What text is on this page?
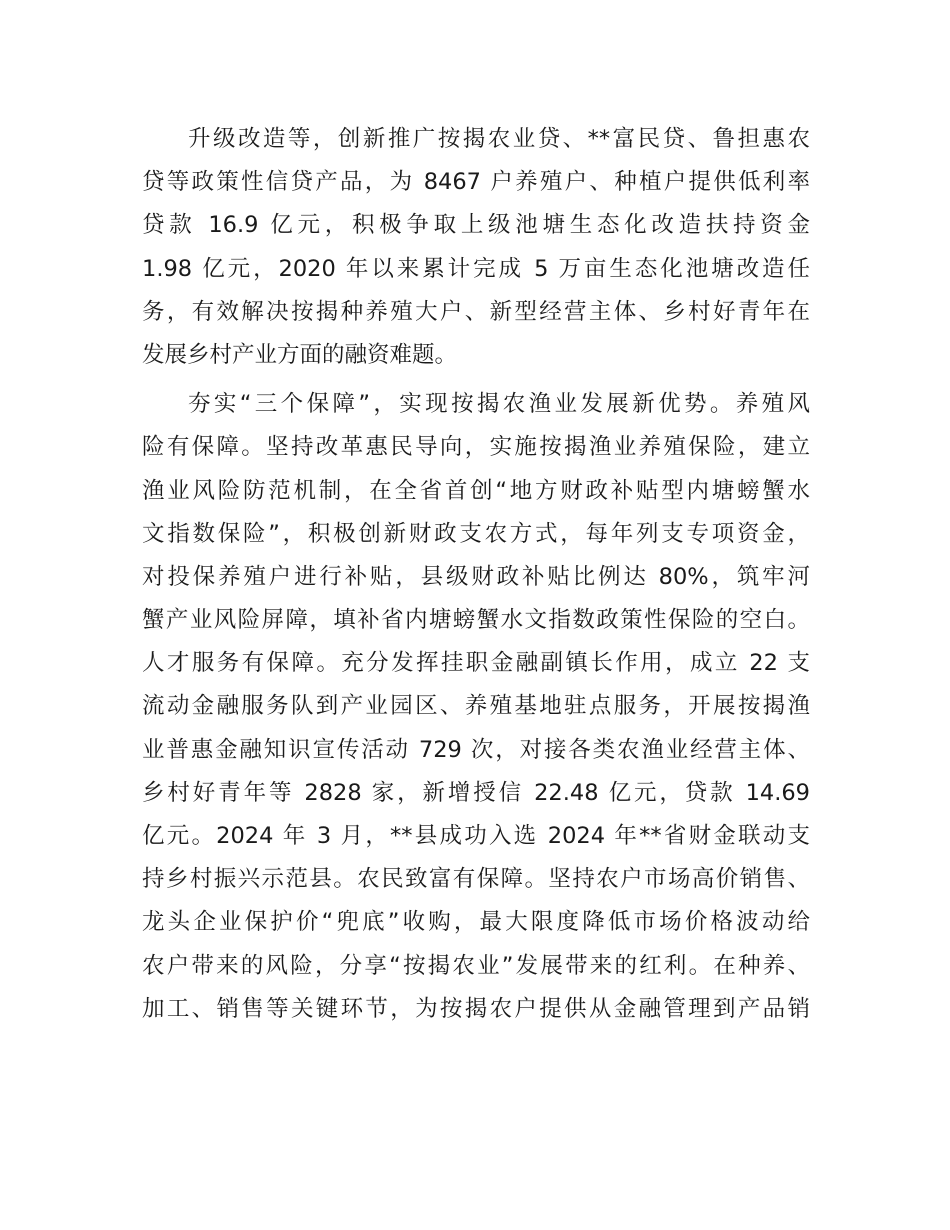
升级改造等，创新推广按揭农业贷、**富民贷、鲁担惠农
贷等政策性信贷产品，为 8467 户养殖户、种植户提供低利率
贷款 16.9 亿元，积极争取上级池塘生态化改造扶持资金
1.98 亿元，2020 年以来累计完成 5 万亩生态化池塘改造任
务，有效解决按揭种养殖大户、新型经营主体、乡村好青年在
发展乡村产业方面的融资难题。
夯实“三个保障”，实现按揭农渔业发展新优势。养殖风
险有保障。坚持改革惠民导向，实施按揭渔业养殖保险，建立
渔业风险防范机制，在全省首创“地方财政补贴型内塘螃蟹水
文指数保险”，积极创新财政支农方式，每年列支专项资金，
对投保养殖户进行补贴，县级财政补贴比例达 80%，筑牢河
蟹产业风险屏障，填补省内塘螃蟹水文指数政策性保险的空白。
人才服务有保障。充分发挥挂职金融副镇长作用，成立 22 支
流动金融服务队到产业园区、养殖基地驻点服务，开展按揭渔
业普惠金融知识宣传活动 729 次，对接各类农渔业经营主体、
乡村好青年等 2828 家，新增授信 22.48 亿元，贷款 14.69
亿元。2024 年 3 月，**县成功入选 2024 年**省财金联动支
持乡村振兴示范县。农民致富有保障。坚持农户市场高价销售、
龙头企业保护价“兜底”收购，最大限度降低市场价格波动给
农户带来的风险，分享“按揭农业”发展带来的红利。在种养、
加工、销售等关键环节，为按揭农户提供从金融管理到产品销
